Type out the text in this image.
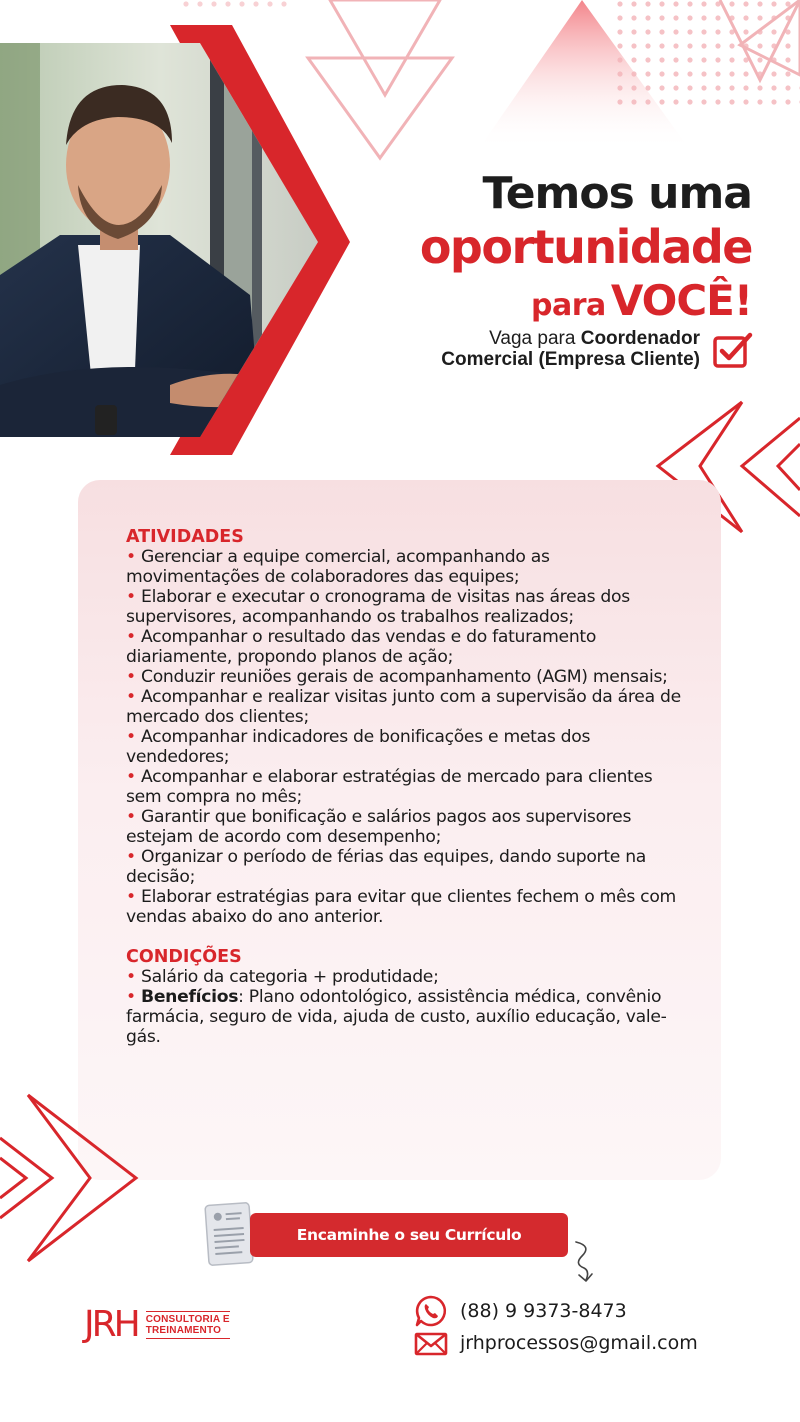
Temos uma
oportunidade
para VOCÊ!
Vaga para Coordenador
Comercial (Empresa Cliente)
ATIVIDADES
• Gerenciar a equipe comercial, acompanhando as movimentações de colaboradores das equipes;
• Elaborar e executar o cronograma de visitas nas áreas dos supervisores, acompanhando os trabalhos realizados;
• Acompanhar o resultado das vendas e do faturamento diariamente, propondo planos de ação;
• Conduzir reuniões gerais de acompanhamento (AGM) mensais;
• Acompanhar e realizar visitas junto com a supervisão da área de mercado dos clientes;
• Acompanhar indicadores de bonificações e metas dos vendedores;
• Acompanhar e elaborar estratégias de mercado para clientes sem compra no mês;
• Garantir que bonificação e salários pagos aos supervisores estejam de acordo com desempenho;
• Organizar o período de férias das equipes, dando suporte na decisão;
• Elaborar estratégias para evitar que clientes fechem o mês com vendas abaixo do ano anterior.
CONDIÇÕES
• Salário da categoria + produtidade;
• Benefícios: Plano odontológico, assistência médica, convênio farmácia, seguro de vida, ajuda de custo, auxílio educação, vale-gás.
Encaminhe o seu Currículo
JRH CONSULTORIA E
TREINAMENTO
(88) 9 9373-8473
jrhprocessos@gmail.com
